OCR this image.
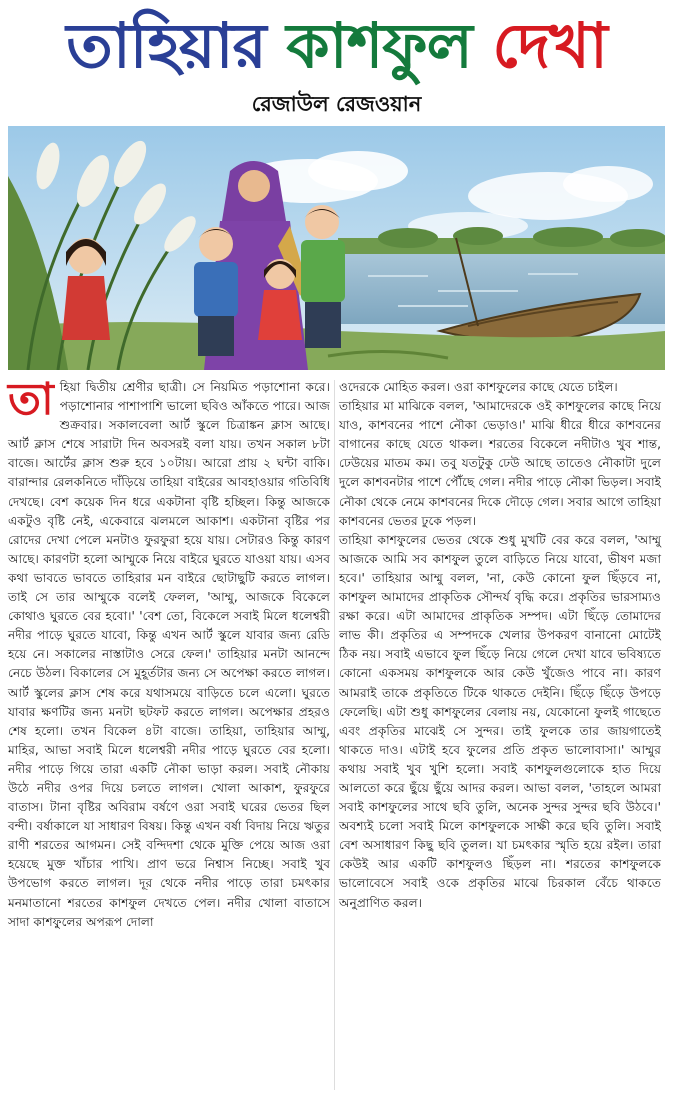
তাহিয়ার কাশফুল দেখা
রেজাউল রেজওয়ান

তাহিয়া দ্বিতীয় শ্রেণীর ছাত্রী। সে নিয়মিত পড়াশোনা করে। পড়াশোনার পাশাপাশি ভালো ছবিও আঁকতে পারে। আজ শুক্রবার। সকালবেলা আর্ট স্কুলে চিত্রাঙ্কন ক্লাস আছে। আর্ট ক্লাস শেষে সারাটা দিন অবসরই বলা যায়। তখন সকাল ৮টা বাজে। আর্টের ক্লাস শুরু হবে ১০টায়। আরো প্রায় ২ ঘন্টা বাকি। বারান্দার রেলকনিতে দাঁড়িয়ে তাহিয়া বাইরের আবহাওয়ার গতিবিধি দেখছে। বেশ কয়েক দিন ধরে একটানা বৃষ্টি হচ্ছিল। কিন্তু আজকে একটুও বৃষ্টি নেই, একেবারে ঝলমলে আকাশ। একটানা বৃষ্টির পর রোদের দেখা পেলে মনটাও ফুরফুরা হয়ে যায়। সেটারও কিন্তু কারণ আছে। কারণটা হলো আম্মুকে নিয়ে বাইরে ঘুরতে যাওয়া যায়। এসব কথা ভাবতে ভাবতে তাহিরার মন বাইরে ছোটাছুটি করতে লাগল। তাই সে তার আম্মুকে বলেই ফেলল, 'আম্মু, আজকে বিকেলে কোথাও ঘুরতে বের হবো।' 'বেশ তো, বিকেলে সবাই মিলে ধলেশ্বরী নদীর পাড়ে ঘুরতে যাবো, কিন্তু এখন আর্ট স্কুলে যাবার জন্য রেডি হয়ে নে। সকালের নাস্তাটাও সেরে ফেল।' তাহিয়ার মনটা আনন্দে নেচে উঠল। বিকালের সে মুহূর্তটার জন্য সে অপেক্ষা করতে লাগল। আর্ট স্কুলের ক্লাস শেষ করে যথাসময়ে বাড়িতে চলে এলো। ঘুরতে যাবার ক্ষণটির জন্য মনটা ছটফট করতে লাগল। অপেক্ষার প্রহরও শেষ হলো। তখন বিকেল ৪টা বাজে। তাহিয়া, তাহিয়ার আম্মু, মাহির, আভা সবাই মিলে ধলেশ্বরী নদীর পাড়ে ঘুরতে বের হলো। নদীর পাড়ে গিয়ে তারা একটি নৌকা ভাড়া করল। সবাই নৌকায় উঠে নদীর ওপর দিয়ে চলতে লাগল। খোলা আকাশ, ফুরফুরে বাতাস। টানা বৃষ্টির অবিরাম বর্ষণে ওরা সবাই ঘরের ভেতর ছিল বন্দী। বর্ষাকালে যা সাধারণ বিষয়। কিন্তু এখন বর্ষা বিদায় নিয়ে ঋতুর রাণী শরতের আগমন। সেই বন্দিদশা থেকে মুক্তি পেয়ে আজ ওরা হয়েছে মুক্ত খাঁচার পাখি। প্রাণ ভরে নিশ্বাস নিচ্ছে। সবাই খুব উপভোগ করতে লাগল। দূর থেকে নদীর পাড়ে তারা চমৎকার মনমাতানো শরতের কাশফুল দেখতে পেল। নদীর খোলা বাতাসে সাদা কাশফুলের অপরূপ দোলা

ওদেরকে মোহিত করল। ওরা কাশফুলের কাছে যেতে চাইল।

তাহিয়ার মা মাঝিকে বলল, 'আমাদেরকে ওই কাশফুলের কাছে নিয়ে যাও, কাশবনের পাশে নৌকা ভেড়াও।' মাঝি ধীরে ধীরে কাশবনের বাগানের কাছে যেতে থাকল। শরতের বিকেলে নদীটাও খুব শান্ত, ঢেউয়ের মাতম কম। তবু যতটুকু ঢেউ আছে তাতেও নৌকাটা দুলে দুলে কাশবনটার পাশে পৌঁছে গেল। নদীর পাড়ে নৌকা ভিড়ল। সবাই নৌকা থেকে নেমে কাশবনের দিকে দৌড়ে গেল। সবার আগে তাহিয়া কাশবনের ভেতর ঢুকে পড়ল।

তাহিয়া কাশফুলের ভেতর থেকে শুধু মুখটি বের করে বলল, 'আম্মু আজকে আমি সব কাশফুল তুলে বাড়িতে নিয়ে যাবো, ভীষণ মজা হবে।' তাহিয়ার আম্মু বলল, 'না, কেউ কোনো ফুল ছিঁড়বে না, কাশফুল আমাদের প্রাকৃতিক সৌন্দর্য বৃদ্ধি করে। প্রকৃতির ভারসাম্যও রক্ষা করে। এটা আমাদের প্রাকৃতিক সম্পদ। এটা ছিঁড়ে তোমাদের লাভ কী। প্রকৃতির এ সম্পদকে খেলার উপকরণ বানানো মোটেই ঠিক নয়। সবাই এভাবে ফুল ছিঁড়ে নিয়ে গেলে দেখা যাবে ভবিষ্যতে কোনো একসময় কাশফুলকে আর কেউ খুঁজেও পাবে না। কারণ আমরাই তাকে প্রকৃতিতে টিকে থাকতে দেইনি। ছিঁড়ে ছিঁড়ে উপড়ে ফেলেছি। এটা শুধু কাশফুলের বেলায় নয়, যেকোনো ফুলই গাছেতে এবং প্রকৃতির মাঝেই সে সুন্দর। তাই ফুলকে তার জায়গাতেই থাকতে দাও। এটাই হবে ফুলের প্রতি প্রকৃত ভালোবাসা।' আম্মুর কথায় সবাই খুব খুশি হলো। সবাই কাশফুলগুলোকে হাত দিয়ে আলতো করে ছুঁয়ে ছুঁয়ে আদর করল। আভা বলল, 'তাহলে আমরা সবাই কাশফুলের সাথে ছবি তুলি, অনেক সুন্দর সুন্দর ছবি উঠবে।' অবশ্যই চলো সবাই মিলে কাশফুলকে সাক্ষী করে ছবি তুলি। সবাই বেশ অসাধারণ কিছু ছবি তুলল। যা চমৎকার স্মৃতি হয়ে রইল। তারা কেউই আর একটি কাশফুলও ছিঁড়ল না। শরতের কাশফুলকে ভালোবেসে সবাই ওকে প্রকৃতির মাঝে চিরকাল বেঁচে থাকতে অনুপ্রাণিত করল।
